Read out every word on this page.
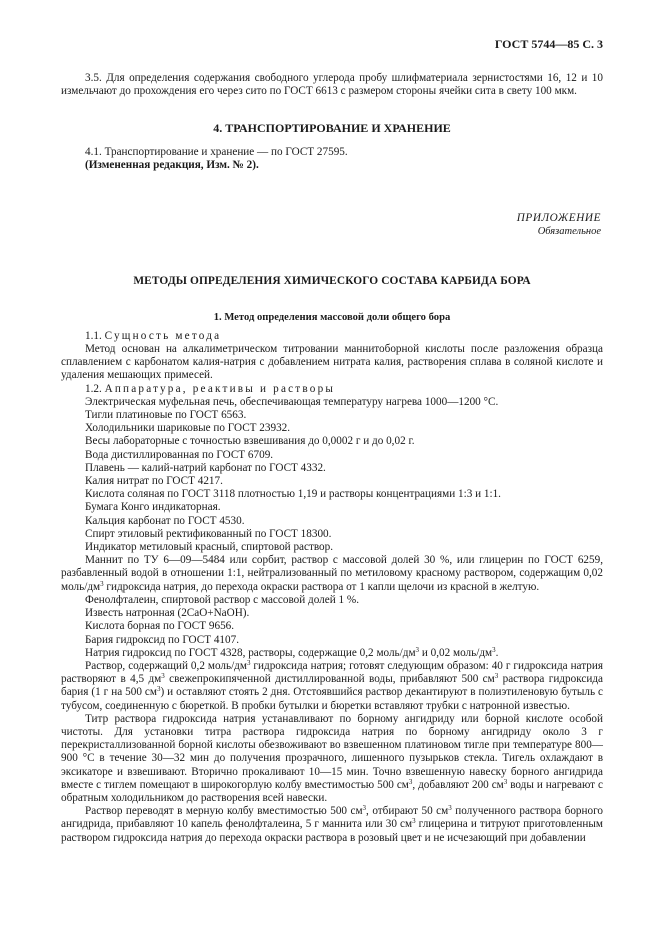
ГОСТ 5744—85 С. 3

3.5. Для определения содержания свободного углерода пробу шлифматериала зернистостями 16, 12 и 10 измельчают до прохождения его через сито по ГОСТ 6613 с размером стороны ячейки сита в свету 100 мкм.

4. ТРАНСПОРТИРОВАНИЕ И ХРАНЕНИЕ

4.1. Транспортирование и хранение — по ГОСТ 27595.

(Измененная редакция, Изм. № 2).

ПРИЛОЖЕНИЕ
Обязательное
МЕТОДЫ ОПРЕДЕЛЕНИЯ ХИМИЧЕСКОГО СОСТАВА КАРБИДА БОРА
1. Метод определения массовой доли общего бора

1.1. Сущность метода

Метод основан на алкалиметрическом титровании маннитоборной кислоты после разложения образца сплавлением с карбонатом калия-натрия с добавлением нитрата калия, растворения сплава в соляной кислоте и удаления мешающих примесей.

1.2. Аппаратура, реактивы и растворы

Электрическая муфельная печь, обеспечивающая температуру нагрева 1000—1200 °С.

Тигли платиновые по ГОСТ 6563.

Холодильники шариковые по ГОСТ 23932.

Весы лабораторные с точностью взвешивания до 0,0002 г и до 0,02 г.

Вода дистиллированная по ГОСТ 6709.

Плавень — калий-натрий карбонат по ГОСТ 4332.

Калия нитрат по ГОСТ 4217.

Кислота соляная по ГОСТ 3118 плотностью 1,19 и растворы концентрациями 1:3 и 1:1.

Бумага Конго индикаторная.

Кальция карбонат по ГОСТ 4530.

Спирт этиловый ректификованный по ГОСТ 18300.

Индикатор метиловый красный, спиртовой раствор.

Маннит по ТУ 6—09—5484 или сорбит, раствор с массовой долей 30 %, или глицерин по ГОСТ 6259, разбавленный водой в отношении 1:1, нейтрализованный по метиловому красному раствором, содержащим 0,02 моль/$дм^3$ гидроксида натрия, до перехода окраски раствора от 1 капли щелочи из красной в желтую.

Фенолфталеин, спиртовой раствор с массовой долей 1 %.

Известь натронная (2CaO+NaOH).

Кислота борная по ГОСТ 9656.

Бария гидроксид по ГОСТ 4107.

Натрия гидроксид по ГОСТ 4328, растворы, содержащие 0,2 моль/$дм^3$ и 0,02 моль/$дм^3$.

Раствор, содержащий 0,2 моль/$дм^3$ гидроксида натрия; готовят следующим образом: 40 г гидроксида натрия растворяют в 4,5 $дм^3$ свежепрокипяченной дистиллированной воды, прибавляют 500 $см^3$ раствора гидроксида бария (1 г на 500 $см^3$) и оставляют стоять 2 дня. Отстоявшийся раствор декантируют в полиэтиленовую бутыль с тубусом, соединенную с бюреткой. В пробки бутылки и бюретки вставляют трубки с натронной известью.

Титр раствора гидроксида натрия устанавливают по борному ангидриду или борной кислоте особой чистоты. Для установки титра раствора гидроксида натрия по борному ангидриду около 3 г перекристаллизованной борной кислоты обезвоживают во взвешенном платиновом тигле при температуре 800—900 °С в течение 30—32 мин до получения прозрачного, лишенного пузырьков стекла. Тигель охлаждают в эксикаторе и взвешивают. Вторично прокаливают 10—15 мин. Точно взвешенную навеску борного ангидрида вместе с тиглем помещают в широкогорлую колбу вместимостью 500 $см^3$, добавляют 200 $см^3$ воды и нагревают с обратным холодильником до растворения всей навески.

Раствор переводят в мерную колбу вместимостью 500 $см^3$, отбирают 50 $см^3$ полученного раствора борного ангидрида, прибавляют 10 капель фенолфталеина, 5 г маннита или 30 $см^3$ глицерина и титруют приготовленным раствором гидроксида натрия до перехода окраски раствора в розовый цвет и не исчезающий при добавлении
